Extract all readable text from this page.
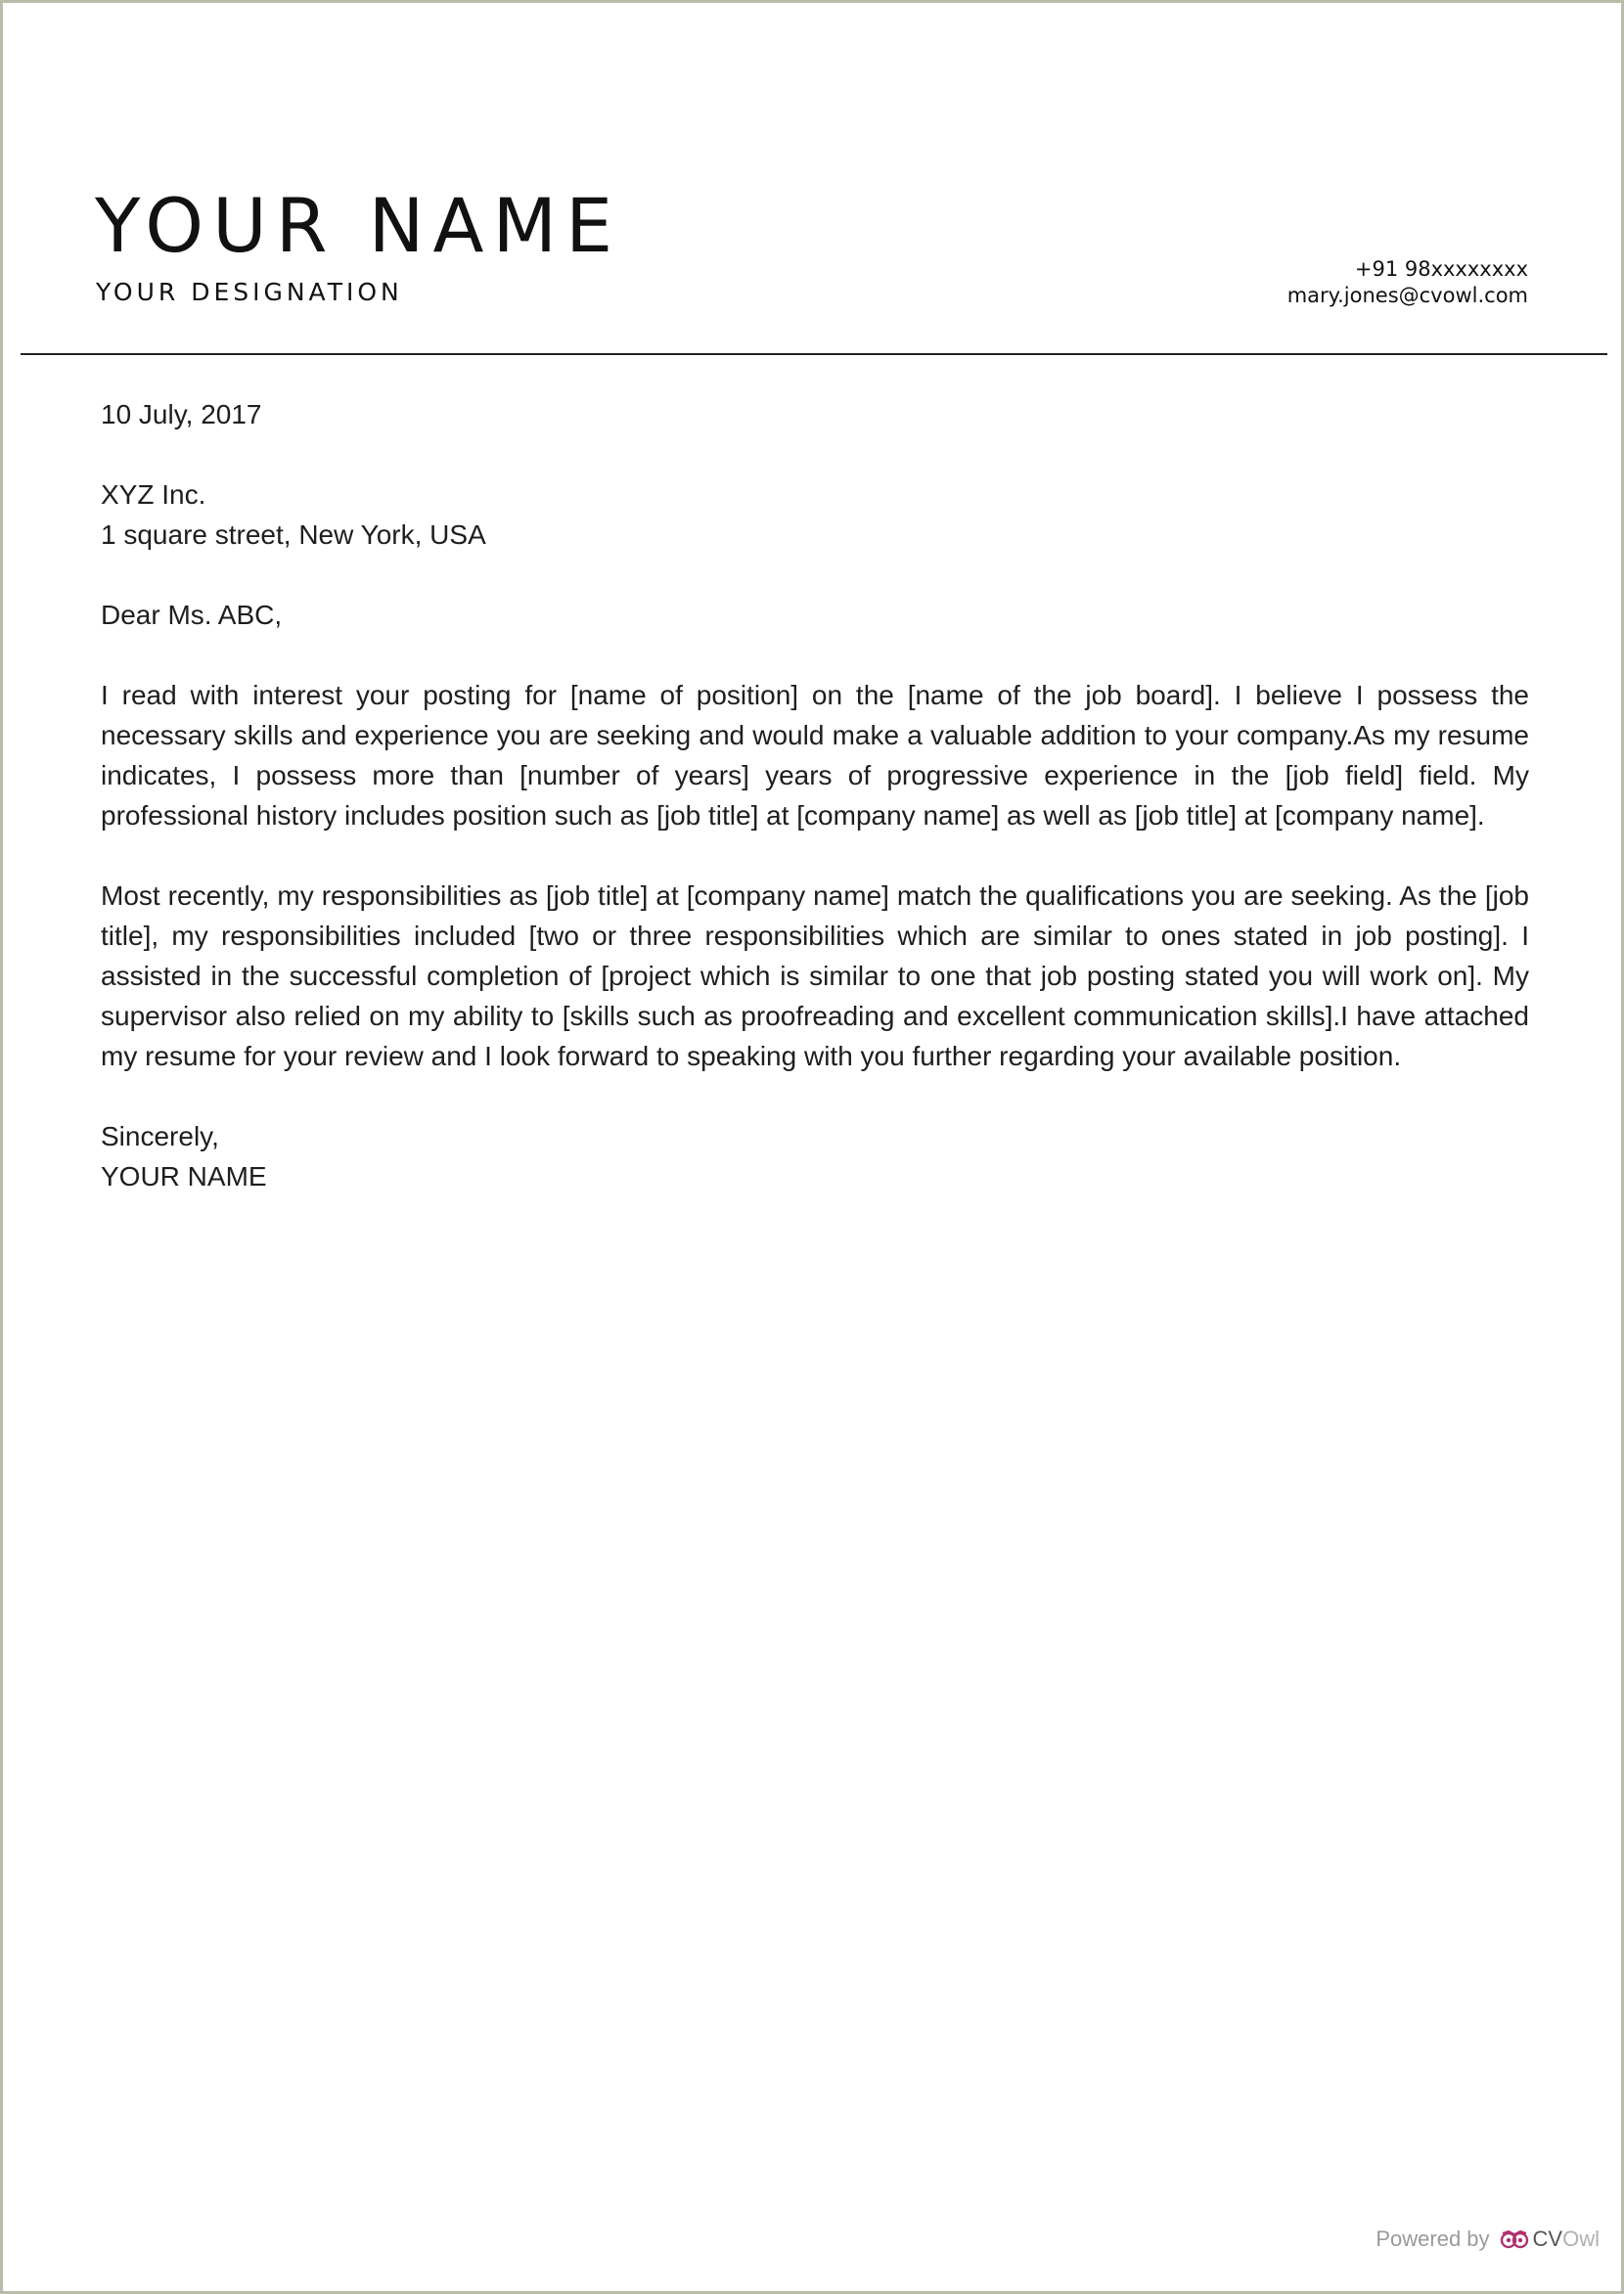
YOUR NAME
YOUR DESIGNATION
+91 98xxxxxxxx
mary.jones@cvowl.com

10 July, 2017

XYZ Inc.
1 square street, New York, USA

Dear Ms. ABC,

I read with interest your posting for [name of position] on the [name of the job board]. I believe I possess the necessary skills and experience you are seeking and would make a valuable addition to your company.As my resume indicates, I possess more than [number of years] years of progressive experience in the [job field] field. My professional history includes position such as [job title] at [company name] as well as [job title] at [company name].

Most recently, my responsibilities as [job title] at [company name] match the qualifications you are seeking. As the [job title], my responsibilities included [two or three responsibilities which are similar to ones stated in job posting]. I assisted in the successful completion of [project which is similar to one that job posting stated you will work on]. My supervisor also relied on my ability to [skills such as proofreading and excellent communication skills].I have attached my resume for your review and I look forward to speaking with you further regarding your available position.

Sincerely,
YOUR NAME

Powered by CVOwl
